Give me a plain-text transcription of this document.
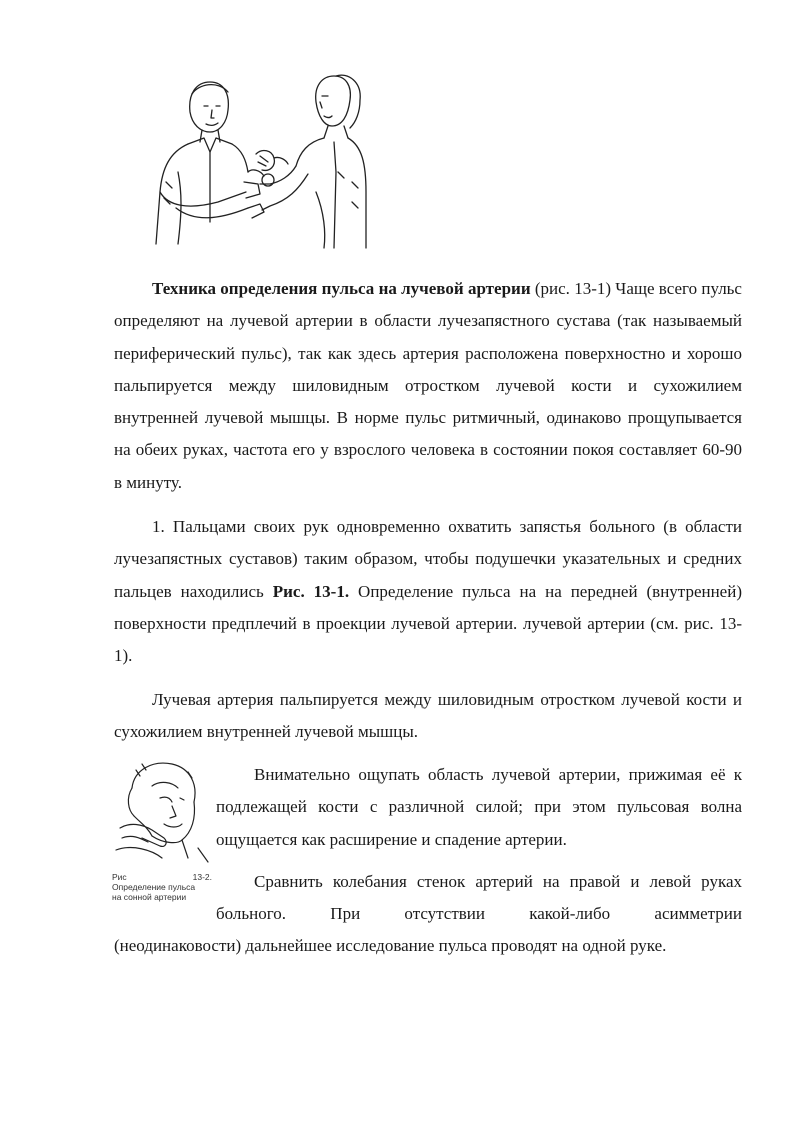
Техника определения пульса на лучевой артерии (рис. 13-1) Чаще всего пульс определяют на лучевой артерии в области лучезапястного сустава (так называемый периферический пульс), так как здесь артерия расположена поверхностно и хорошо пальпируется между шиловидным отростком лучевой кости и сухожилием внутренней лучевой мышцы. В норме пульс ритмичный, одинаково прощупывается на обеих руках, частота его у взрослого человека в состоянии покоя составляет 60-90 в минуту.

1. Пальцами своих рук одновременно охватить запястья больного (в области лучезапястных суставов) таким образом, чтобы подушечки указательных и средних пальцев находились Рис. 13-1. Определение пульса на на передней (внутренней) поверхности предплечий в проекции лучевой артерии. лучевой артерии (см. рис. 13-1).

Лучевая артерия пальпируется между шиловидным отростком лучевой кости и сухожилием внутренней лучевой мышцы.

Рис	13-2.
Определение пульса
на сонной артерии

Внимательно ощупать область лучевой артерии, прижимая её к подлежащей кости с различной силой; при этом пульсовая волна ощущается как расширение и спадение артерии.

Сравнить колебания стенок артерий на правой и левой руках больного. При отсутствии какой-либо асимметрии

(неодинаковости) дальнейшее исследование пульса проводят на одной руке.
